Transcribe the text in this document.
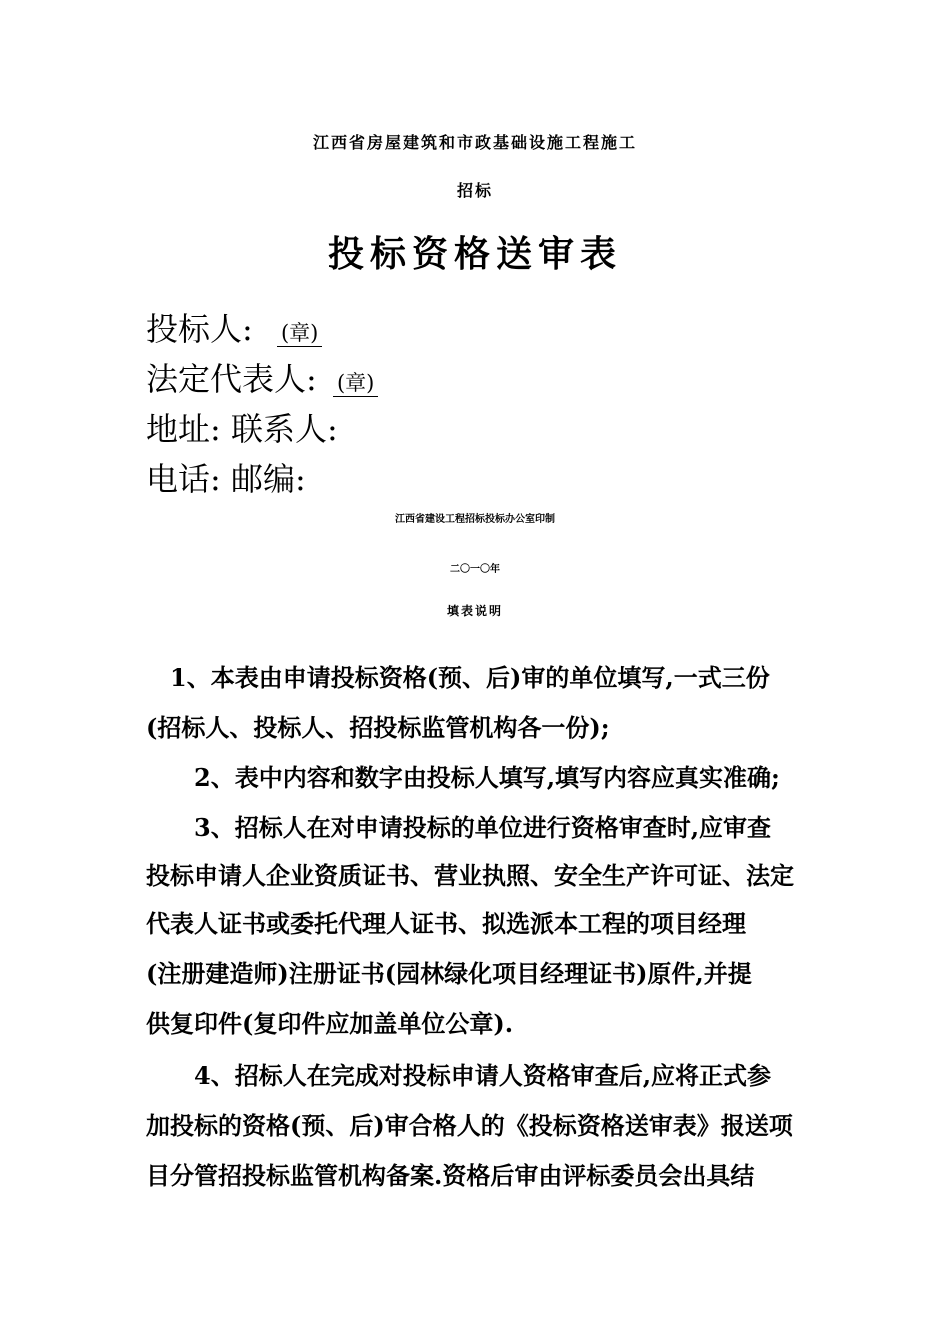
江西省房屋建筑和市政基础设施工程施工
招标
投标资格送审表
投标人: (章)
法定代表人: (章)
地址: 联系人:
电话: 邮编:
江西省建设工程招标投标办公室印制
二〇一〇年
填表说明
1、本表由申请投标资格(预、后)审的单位填写,一式三份
(招标人、投标人、招投标监管机构各一份);
2、表中内容和数字由投标人填写,填写内容应真实准确;
3、招标人在对申请投标的单位进行资格审查时,应审查
投标申请人企业资质证书、营业执照、安全生产许可证、法定
代表人证书或委托代理人证书、拟选派本工程的项目经理
(注册建造师)注册证书(园林绿化项目经理证书)原件,并提
供复印件(复印件应加盖单位公章).
4、招标人在完成对投标申请人资格审查后,应将正式参
加投标的资格(预、后)审合格人的《投标资格送审表》报送项
目分管招投标监管机构备案.资格后审由评标委员会出具结
